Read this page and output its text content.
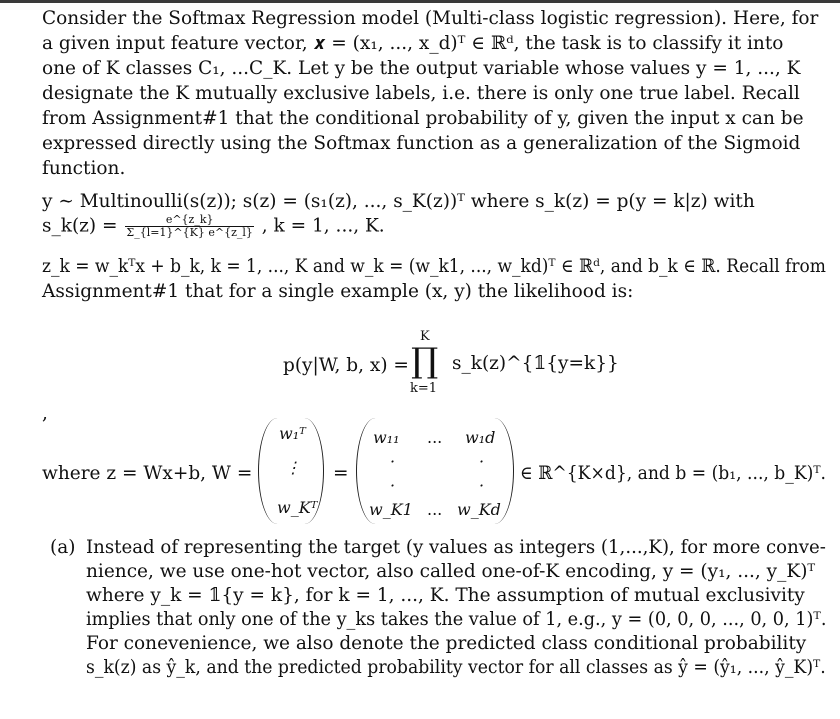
Consider the Softmax Regression model (Multi-class logistic regression). Here, for
a given input feature vector, 𝒙 = (x₁, ..., x_d)ᵀ ∈ ℝᵈ, the task is to classify it into
one of K classes C₁, ...C_K. Let y be the output variable whose values y = 1, ..., K
designate the K mutually exclusive labels, i.e. there is only one true label. Recall
from Assignment#1 that the conditional probability of y, given the input x can be
expressed directly using the Softmax function as a generalization of the Sigmoid
function.
y ∼ Multinoulli(s(z)); s(z) = (s₁(z), ..., s_K(z))ᵀ where s_k(z) = p(y = k|z) with
s_k(z) = $\frac{e\^{}\{z\_k\}}{\Sigma\_\{l=1\}\^{}\{K\} e\^{}\{z\_l\}}$ , k = 1, ..., K.
z_k = w_kᵀx + b_k, k = 1, ..., K and w_k = (w_k1, ..., w_kd)ᵀ ∈ ℝᵈ, and b_k ∈ ℝ. Recall from
Assignment#1 that for a single example (x, y) the likelihood is:
p(y|W, b, x) =
K
∏
k=1
s_k(z)^{𝟙{y=k}}
,
where z = Wx+b, W =
w₁ᵀ
⋮
w_Kᵀ
=
w₁₁ ... w₁d
·	·
·	·
w_K1 ... w_Kd
∈ ℝ^{K×d}, and b = (b₁, ..., b_K)ᵀ.
(a) Instead of representing the target (y values as integers (1,...,K), for more conve-
nience, we use one-hot vector, also called one-of-K encoding, y = (y₁, ..., y_K)ᵀ
where y_k = 𝟙{y = k}, for k = 1, ..., K. The assumption of mutual exclusivity
implies that only one of the y_ks takes the value of 1, e.g., y = (0, 0, 0, ..., 0, 0, 1)ᵀ.
For conevenience, we also denote the predicted class conditional probability
s_k(z) as ŷ_k, and the predicted probability vector for all classes as ŷ = (ŷ₁, ..., ŷ_K)ᵀ.
